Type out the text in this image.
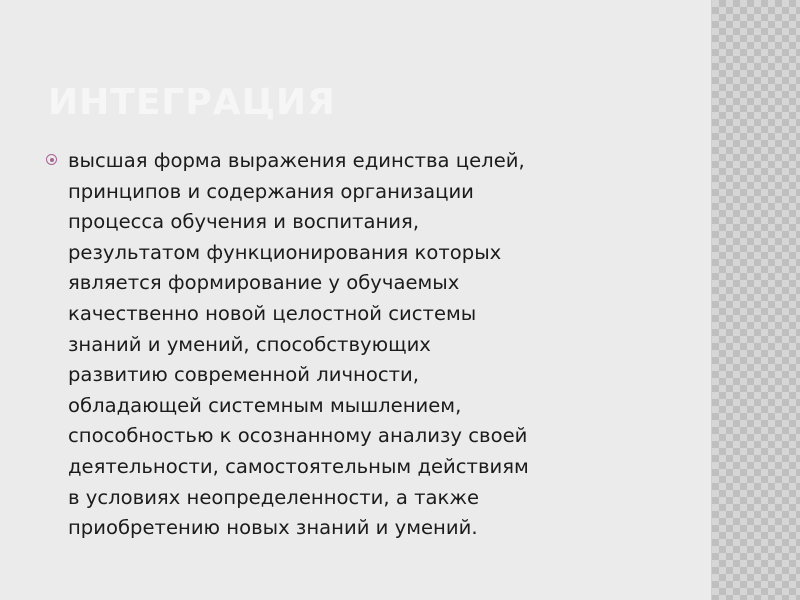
ИНТЕГРАЦИЯ
высшая форма выражения единства целей,
принципов и содержания организации
процесса обучения и воспитания,
результатом функционирования которых
является формирование у обучаемых
качественно новой целостной системы
знаний и умений, способствующих
развитию современной личности,
обладающей системным мышлением,
способностью к осознанному анализу своей
деятельности, самостоятельным действиям
в условиях неопределенности, а также
приобретению новых знаний и умений.
